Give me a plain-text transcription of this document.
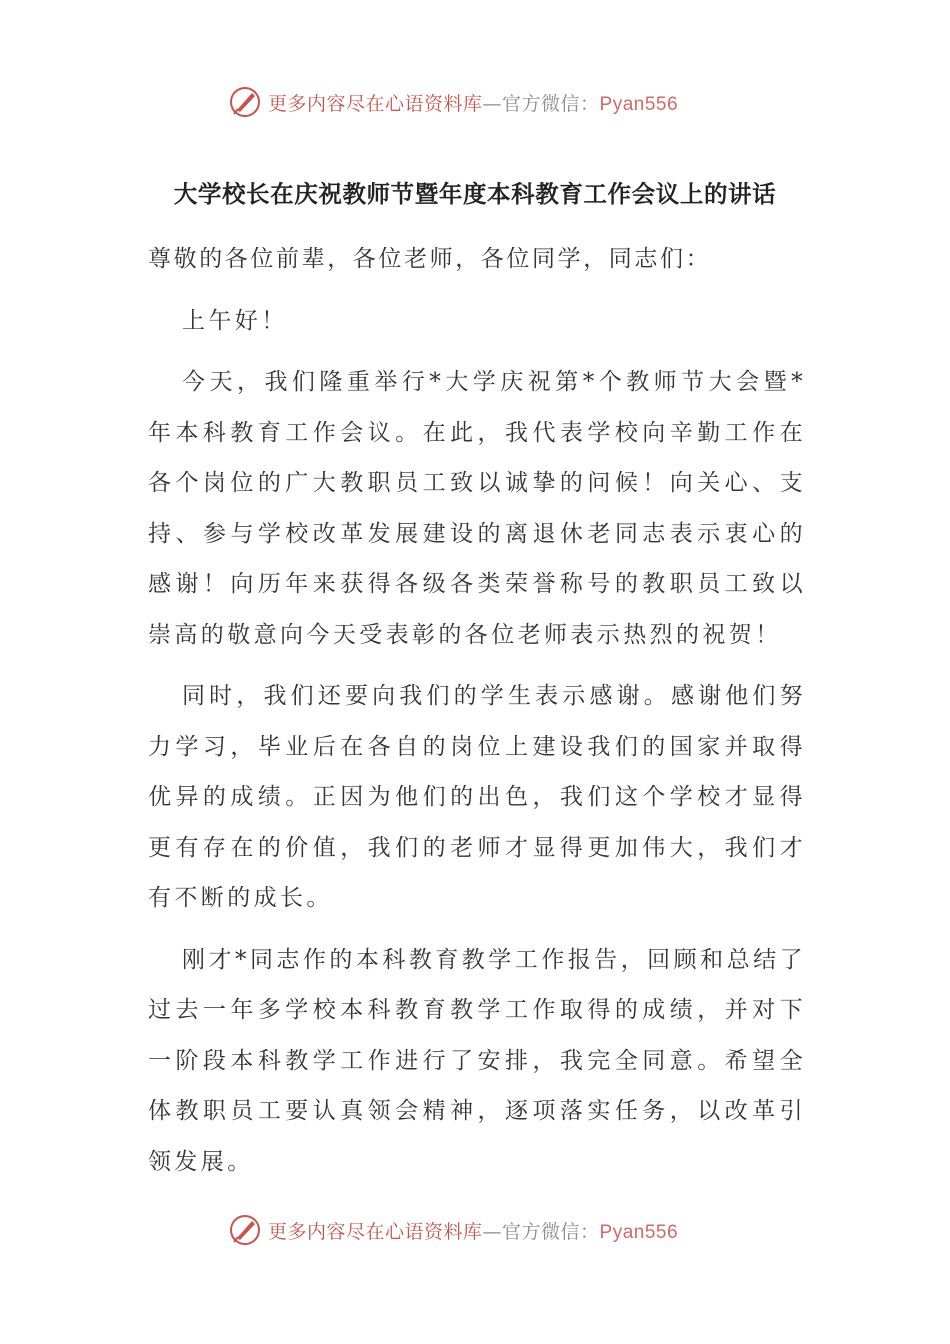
更多内容尽在心语资料库—官方微信：Pyan556
大学校长在庆祝教师节暨年度本科教育工作会议上的讲话

尊敬的各位前辈，各位老师，各位同学，同志们：

上午好！

今天，我们隆重举行*大学庆祝第*个教师节大会暨*年本科教育工作会议。在此，我代表学校向辛勤工作在各个岗位的广大教职员工致以诚挚的问候！向关心、支持、参与学校改革发展建设的离退休老同志表示衷心的感谢！向历年来获得各级各类荣誉称号的教职员工致以崇高的敬意向今天受表彰的各位老师表示热烈的祝贺！

同时，我们还要向我们的学生表示感谢。感谢他们努力学习，毕业后在各自的岗位上建设我们的国家并取得优异的成绩。正因为他们的出色，我们这个学校才显得更有存在的价值，我们的老师才显得更加伟大，我们才有不断的成长。

刚才*同志作的本科教育教学工作报告，回顾和总结了过去一年多学校本科教育教学工作取得的成绩，并对下一阶段本科教学工作进行了安排，我完全同意。希望全体教职员工要认真领会精神，逐项落实任务，以改革引领发展。

更多内容尽在心语资料库—官方微信：Pyan556
